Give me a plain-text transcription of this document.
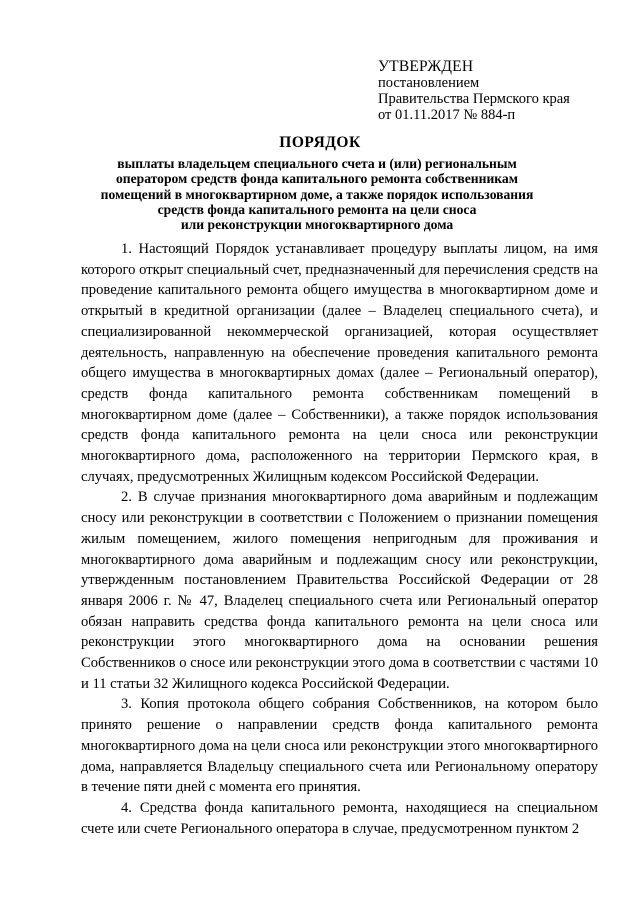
УТВЕРЖДЕН
постановлением
Правительства Пермского края
от 01.11.2017 № 884-п
ПОРЯДОК
выплаты владельцем специального счета и (или) региональным
оператором средств фонда капитального ремонта собственникам
помещений в многоквартирном доме, а также порядок использования
средств фонда капитального ремонта на цели сноса
или реконструкции многоквартирного дома

1. Настоящий Порядок устанавливает процедуру выплаты лицом, на имя которого открыт специальный счет, предназначенный для перечисления средств на проведение капитального ремонта общего имущества в многоквартирном доме и открытый в кредитной организации (далее – Владелец специального счета), и специализированной некоммерческой организацией, которая осуществляет деятельность, направленную на обеспечение проведения капитального ремонта общего имущества в многоквартирных домах (далее – Региональный оператор), средств фонда капитального ремонта собственникам помещений в многоквартирном доме (далее – Собственники), а также порядок использования средств фонда капитального ремонта на цели сноса или реконструкции многоквартирного дома, расположенного на территории Пермского края, в случаях, предусмотренных Жилищным кодексом Российской Федерации.

2. В случае признания многоквартирного дома аварийным и подлежащим сносу или реконструкции в соответствии с Положением о признании помещения жилым помещением, жилого помещения непригодным для проживания и многоквартирного дома аварийным и подлежащим сносу или реконструкции, утвержденным постановлением Правительства Российской Федерации от 28 января 2006 г. № 47, Владелец специального счета или Региональный оператор обязан направить средства фонда капитального ремонта на цели сноса или реконструкции этого многоквартирного дома на основании решения Собственников о сносе или реконструкции этого дома в соответствии с частями 10 и 11 статьи 32 Жилищного кодекса Российской Федерации.

3. Копия протокола общего собрания Собственников, на котором было принято решение о направлении средств фонда капитального ремонта многоквартирного дома на цели сноса или реконструкции этого многоквартирного дома, направляется Владельцу специального счета или Региональному оператору в течение пяти дней с момента его принятия.

4. Средства фонда капитального ремонта, находящиеся на специальном счете или счете Регионального оператора в случае, предусмотренном пунктом 2
